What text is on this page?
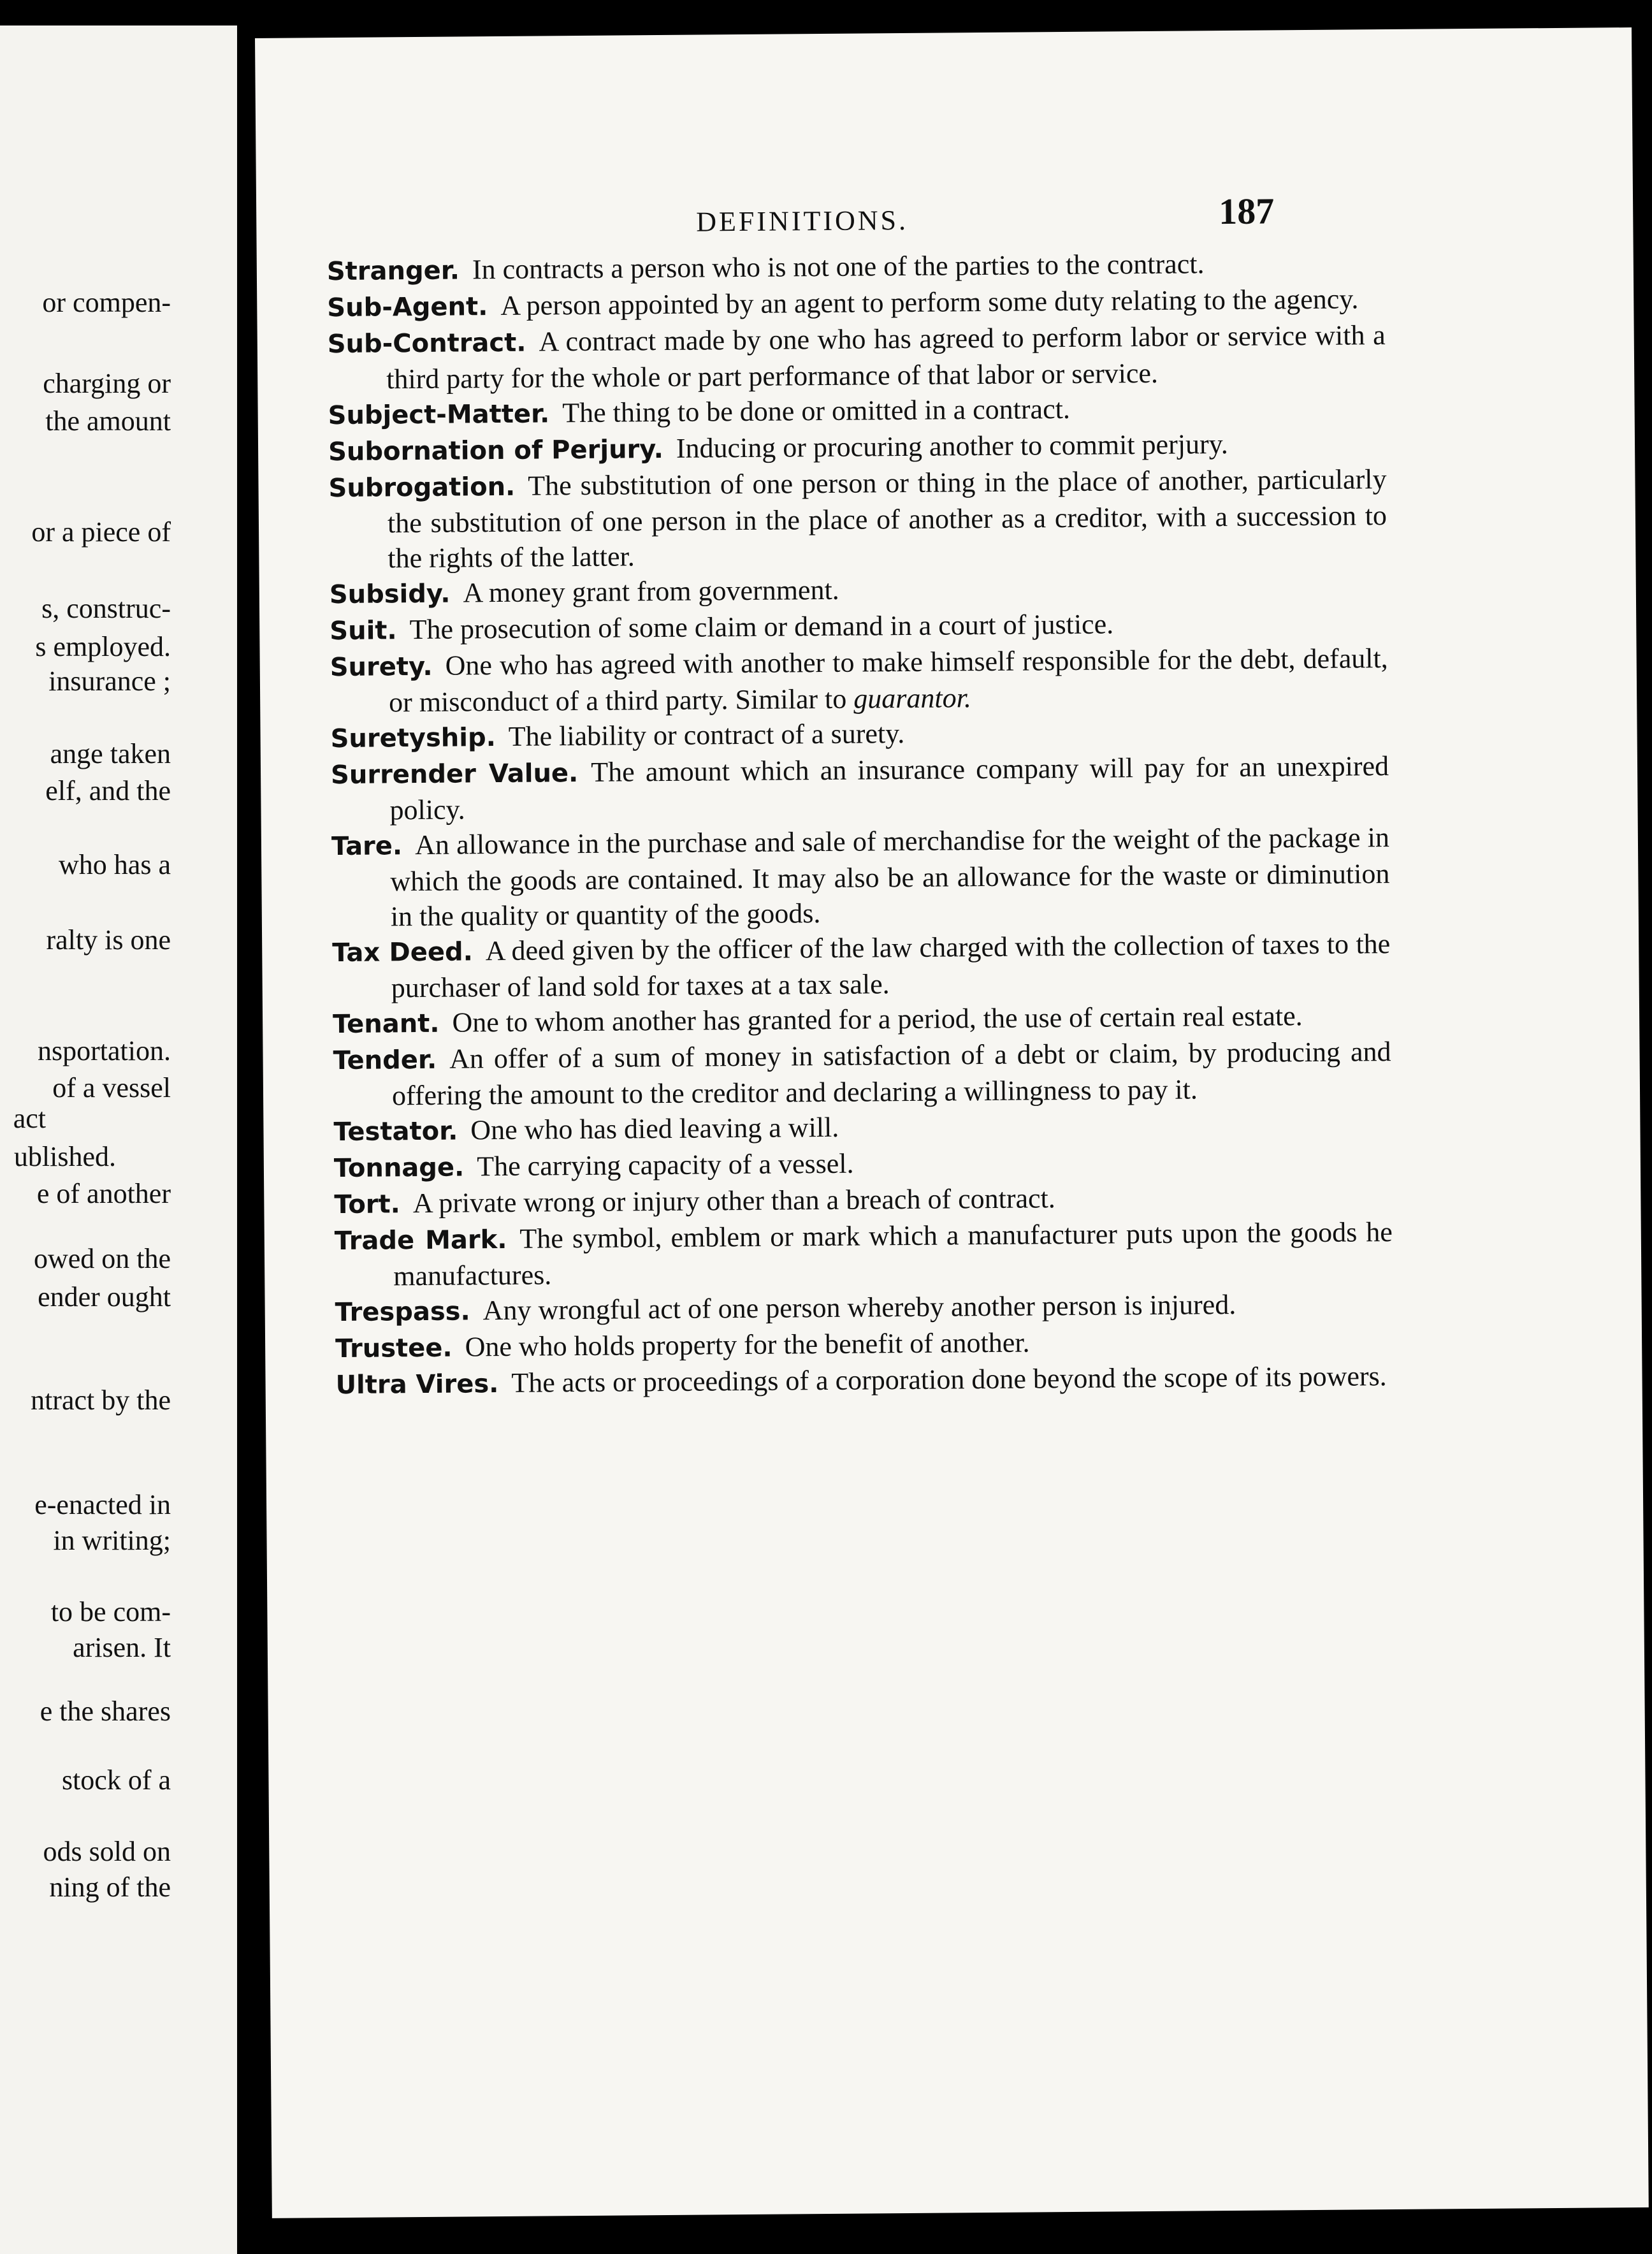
or compen-
charging or
the amount
or a piece of
s, construc-
s employed.
insurance ;
ange taken
elf, and the
who has a
ralty is one
nsportation.
of a vessel
act
ublished.
e of another
owed on the
ender ought
ntract by the
e-enacted in
in writing;
to be com-
arisen. It
e the shares
stock of a
ods sold on
ning of the
DEFINITIONS.	187

Stranger. In contracts a person who is not one of the parties to the contract.

Sub-Agent. A person appointed by an agent to perform some duty relating to the agency.

Sub-Contract. A contract made by one who has agreed to perform labor or service with a third party for the whole or part performance of that labor or service.

Subject-Matter. The thing to be done or omitted in a contract.

Subornation of Perjury. Inducing or procuring another to commit perjury.

Subrogation. The substitution of one person or thing in the place of another, particularly the substitution of one person in the place of another as a creditor, with a succession to the rights of the latter.

Subsidy. A money grant from government.

Suit. The prosecution of some claim or demand in a court of justice.

Surety. One who has agreed with another to make himself responsible for the debt, default, or misconduct of a third party. Similar to guarantor.

Suretyship. The liability or contract of a surety.

Surrender Value. The amount which an insurance company will pay for an unexpired policy.

Tare. An allowance in the purchase and sale of merchandise for the weight of the package in which the goods are contained. It may also be an allowance for the waste or diminution in the quality or quantity of the goods.

Tax Deed. A deed given by the officer of the law charged with the collection of taxes to the purchaser of land sold for taxes at a tax sale.

Tenant. One to whom another has granted for a period, the use of certain real estate.

Tender. An offer of a sum of money in satisfaction of a debt or claim, by producing and offering the amount to the creditor and declaring a willingness to pay it.

Testator. One who has died leaving a will.

Tonnage. The carrying capacity of a vessel.

Tort. A private wrong or injury other than a breach of contract.

Trade Mark. The symbol, emblem or mark which a manufacturer puts upon the goods he manufactures.

Trespass. Any wrongful act of one person whereby another person is injured.

Trustee. One who holds property for the benefit of another.

Ultra Vires. The acts or proceedings of a corporation done beyond the scope of its powers.
